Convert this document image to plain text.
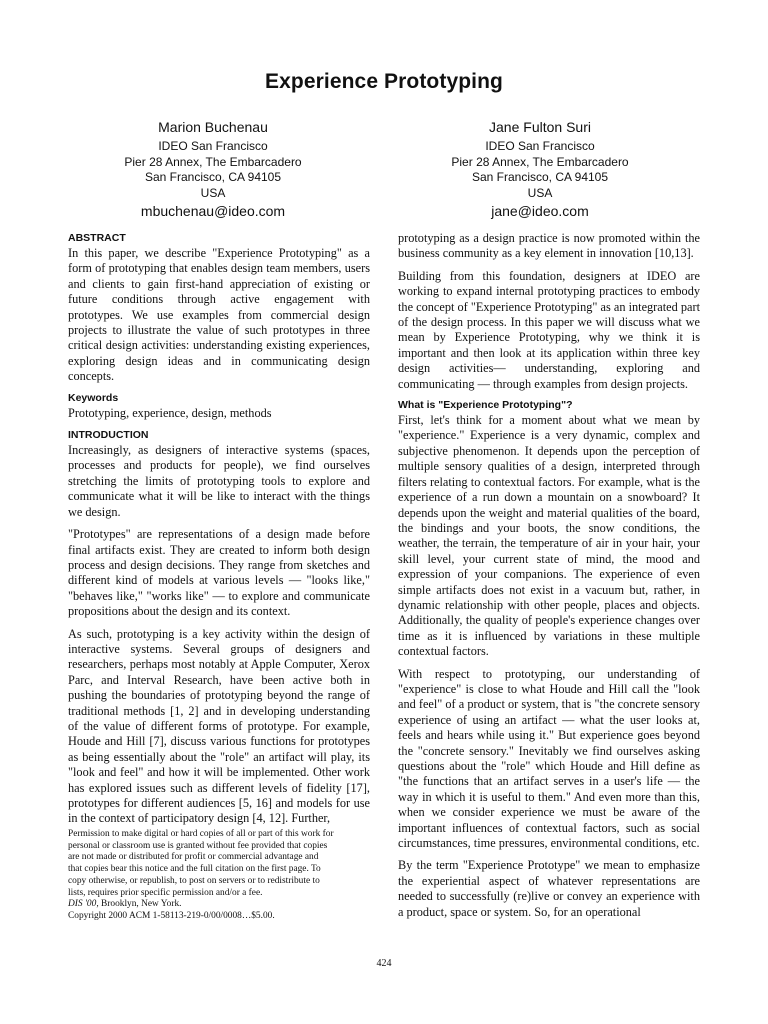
Experience Prototyping
Marion Buchenau
IDEO San Francisco
Pier 28 Annex, The Embarcadero
San Francisco, CA 94105
USA
mbuchenau@ideo.com
Jane Fulton Suri
IDEO San Francisco
Pier 28 Annex, The Embarcadero
San Francisco, CA 94105
USA
jane@ideo.com
ABSTRACT

In this paper, we describe "Experience Prototyping" as a form of prototyping that enables design team members, users and clients to gain first-hand appreciation of existing or future conditions through active engagement with prototypes. We use examples from commercial design projects to illustrate the value of such prototypes in three critical design activities: understanding existing experiences, exploring design ideas and in communicating design concepts.

Keywords

Prototyping, experience, design, methods

INTRODUCTION

Increasingly, as designers of interactive systems (spaces, processes and products for people), we find ourselves stretching the limits of prototyping tools to explore and communicate what it will be like to interact with the things we design.

"Prototypes" are representations of a design made before final artifacts exist. They are created to inform both design process and design decisions. They range from sketches and different kind of models at various levels — "looks like," "behaves like," "works like" — to explore and communicate propositions about the design and its context.

As such, prototyping is a key activity within the design of interactive systems. Several groups of designers and researchers, perhaps most notably at Apple Computer, Xerox Parc, and Interval Research, have been active both in pushing the boundaries of prototyping beyond the range of traditional methods [1, 2] and in developing understanding of the value of different forms of prototype. For example, Houde and Hill [7], discuss various functions for prototypes as being essentially about the "role" an artifact will play, its "look and feel" and how it will be implemented. Other work has explored issues such as different levels of fidelity [17], prototypes for different audiences [5, 16] and models for use in the context of participatory design [4, 12]. Further,

Permission to make digital or hard copies of all or part of this work for
personal or classroom use is granted without fee provided that copies
are not made or distributed for profit or commercial advantage and
that copies bear this notice and the full citation on the first page. To
copy otherwise, or republish, to post on servers or to redistribute to
lists, requires prior specific permission and/or a fee.
DIS '00, Brooklyn, New York.
Copyright 2000 ACM 1-58113-219-0/00/0008…$5.00.

prototyping as a design practice is now promoted within the business community as a key element in innovation [10,13].

Building from this foundation, designers at IDEO are working to expand internal prototyping practices to embody the concept of "Experience Prototyping" as an integrated part of the design process. In this paper we will discuss what we mean by Experience Prototyping, why we think it is important and then look at its application within three key design activities— understanding, exploring and communicating — through examples from design projects.

What is "Experience Prototyping"?

First, let's think for a moment about what we mean by "experience." Experience is a very dynamic, complex and subjective phenomenon. It depends upon the perception of multiple sensory qualities of a design, interpreted through filters relating to contextual factors. For example, what is the experience of a run down a mountain on a snowboard? It depends upon the weight and material qualities of the board, the bindings and your boots, the snow conditions, the weather, the terrain, the temperature of air in your hair, your skill level, your current state of mind, the mood and expression of your companions. The experience of even simple artifacts does not exist in a vacuum but, rather, in dynamic relationship with other people, places and objects. Additionally, the quality of people's experience changes over time as it is influenced by variations in these multiple contextual factors.

With respect to prototyping, our understanding of "experience" is close to what Houde and Hill call the "look and feel" of a product or system, that is "the concrete sensory experience of using an artifact — what the user looks at, feels and hears while using it." But experience goes beyond the "concrete sensory." Inevitably we find ourselves asking questions about the "role" which Houde and Hill define as "the functions that an artifact serves in a user's life — the way in which it is useful to them." And even more than this, when we consider experience we must be aware of the important influences of contextual factors, such as social circumstances, time pressures, environmental conditions, etc.

By the term "Experience Prototype" we mean to emphasize the experiential aspect of whatever representations are needed to successfully (re)live or convey an experience with a product, space or system. So, for an operational

424
